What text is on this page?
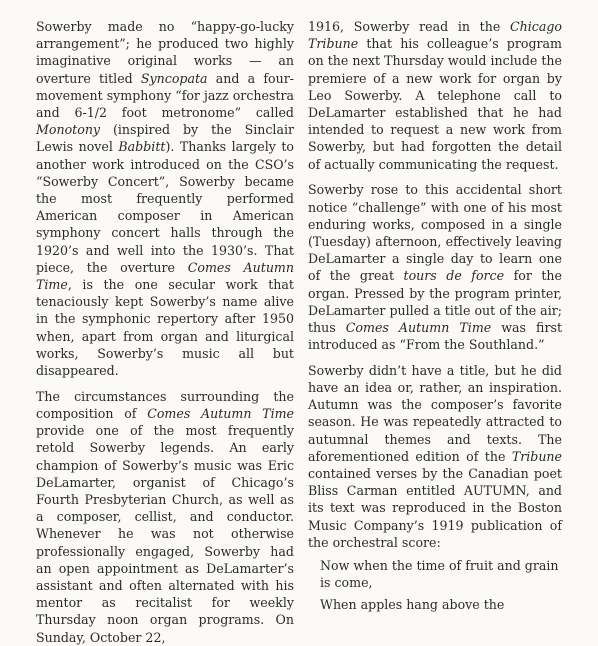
Sowerby made no “happy-go-lucky arrangement”; he produced two highly imaginative original works — an overture titled Syncopata and a four-movement symphony “for jazz orchestra and 6-1/2 foot metronome” called Monotony (inspired by the Sinclair Lewis novel Babbitt). Thanks largely to another work introduced on the CSO’s “Sowerby Concert”, Sowerby became the most frequently performed American composer in American symphony concert halls through the 1920’s and well into the 1930’s. That piece, the overture Comes Autumn Time, is the one secular work that tenaciously kept Sowerby’s name alive in the symphonic repertory after 1950 when, apart from organ and liturgical works, Sowerby’s music all but disappeared.

The circumstances surrounding the composition of Comes Autumn Time provide one of the most frequently retold Sowerby legends. An early champion of Sowerby’s music was Eric DeLamarter, organist of Chicago’s Fourth Presbyterian Church, as well as a composer, cellist, and conductor. Whenever he was not otherwise professionally engaged, Sowerby had an open appointment as DeLamarter’s assistant and often alternated with his mentor as recitalist for weekly Thursday noon organ programs. On Sunday, October 22,

1916, Sowerby read in the Chicago Tribune that his colleague’s program on the next Thursday would include the premiere of a new work for organ by Leo Sowerby. A telephone call to DeLamarter established that he had intended to request a new work from Sowerby, but had forgotten the detail of actually communicating the request.

Sowerby rose to this accidental short notice “challenge” with one of his most enduring works, composed in a single (Tuesday) afternoon, effectively leaving DeLamarter a single day to learn one of the great tours de force for the organ. Pressed by the program printer, DeLamarter pulled a title out of the air; thus Comes Autumn Time was first introduced as “From the Southland.”

Sowerby didn’t have a title, but he did have an idea or, rather, an inspiration. Autumn was the composer’s favorite season. He was repeatedly attracted to autumnal themes and texts. The aforementioned edition of the Tribune contained verses by the Canadian poet Bliss Carman entitled AUTUMN, and its text was reproduced in the Boston Music Company’s 1919 publication of the orchestral score:

Now when the time of fruit and grain is come,
When apples hang above the
